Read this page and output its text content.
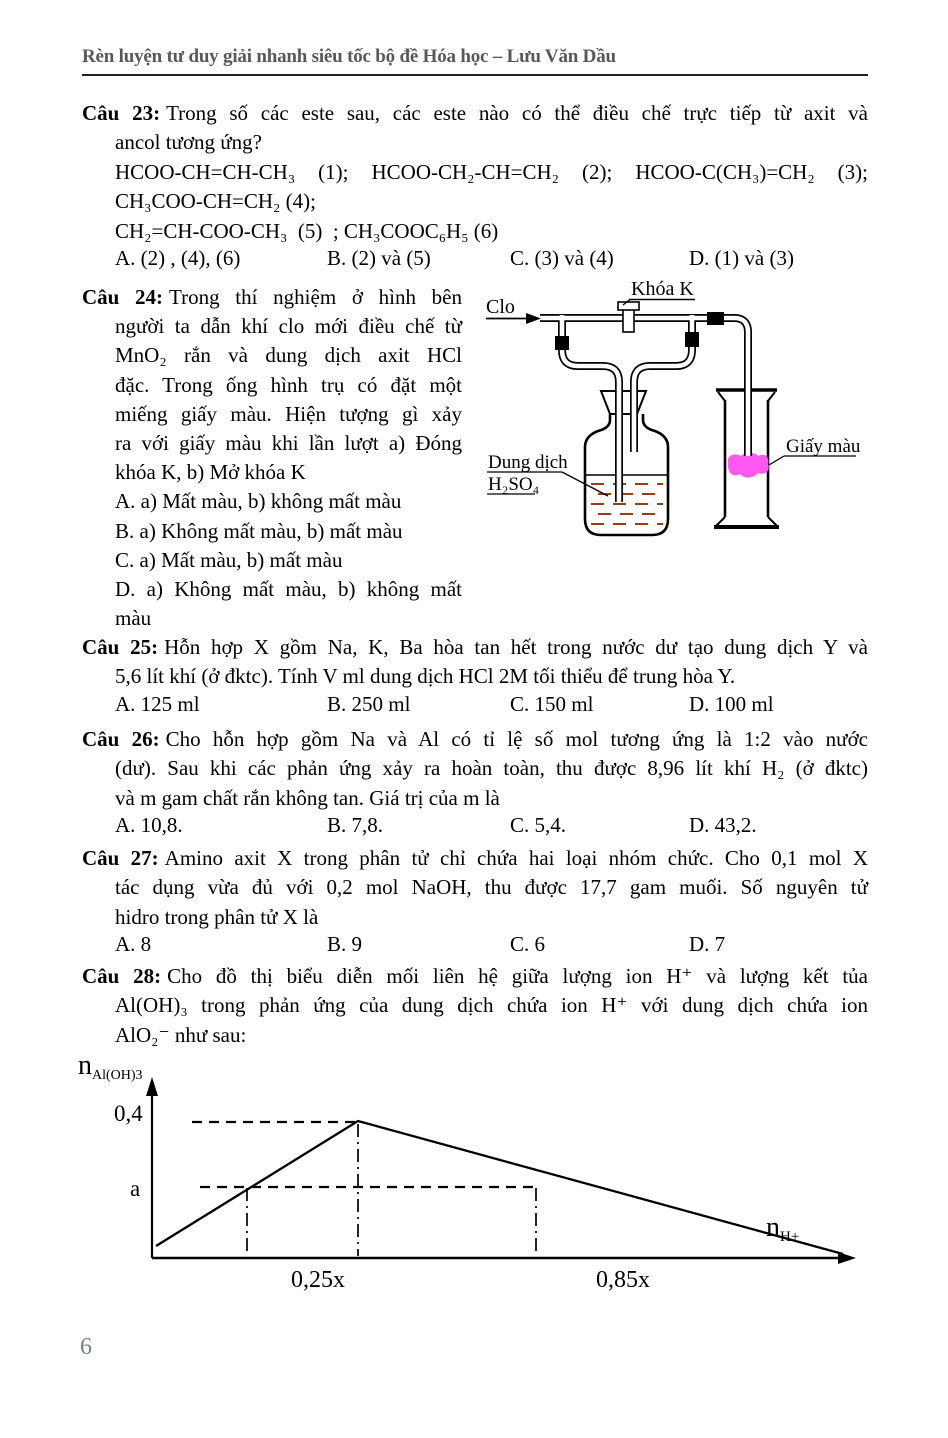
Rèn luyện tư duy giải nhanh siêu tốc bộ đề Hóa học – Lưu Văn Dầu
Câu 23: Trong số các este sau, các este nào có thể điều chế trực tiếp từ axit và
ancol tương ứng?
HCOO-CH=CH-CH₃ (1); HCOO-CH₂-CH=CH₂ (2); HCOO-C(CH₃)=CH₂ (3);
CH₃COO-CH=CH₂ (4);
CH₂=CH-COO-CH₃  (5)  ; CH₃COOC₆H₅ (6)
A. (2) , (4), (6)	B. (2) và (5)	C. (3) và (4)	D. (1) và (3)
Câu 24: Trong thí nghiệm ở hình bên
người ta dẫn khí clo mới điều chế từ
MnO₂ rắn và dung dịch axit HCl
đặc. Trong ống hình trụ có đặt một
miếng giấy màu. Hiện tượng gì xảy
ra với giấy màu khi lần lượt a) Đóng
khóa K, b) Mở khóa K
A. a) Mất màu, b) không mất màu
B. a) Không mất màu, b) mất màu
C. a) Mất màu, b) mất màu
D. a) Không mất màu, b) không mất
màu
Clo
Khóa K
Dung dịch
H₂SO₄
Giấy màu
Câu 25: Hỗn hợp X gồm Na, K, Ba hòa tan hết trong nước dư tạo dung dịch Y và
5,6 lít khí (ở đktc). Tính V ml dung dịch HCl 2M tối thiểu để trung hòa Y.
A. 125 ml	B. 250 ml	C. 150 ml	D. 100 ml
Câu 26: Cho hỗn hợp gồm Na và Al có tỉ lệ số mol tương ứng là 1:2 vào nước
(dư). Sau khi các phản ứng xảy ra hoàn toàn, thu được 8,96 lít khí H₂ (ở đktc)
và m gam chất rắn không tan. Giá trị của m là
A. 10,8.	B. 7,8.	C. 5,4.	D. 43,2.
Câu 27: Amino axit X trong phân tử chỉ chứa hai loại nhóm chức. Cho 0,1 mol X
tác dụng vừa đủ với 0,2 mol NaOH, thu được 17,7 gam muối. Số nguyên tử
hidro trong phân tử X là
A. 8	B. 9	C. 6	D. 7
Câu 28: Cho đồ thị biểu diễn mối liên hệ giữa lượng ion H⁺ và lượng kết tủa
Al(OH)₃ trong phản ứng của dung dịch chứa ion H⁺ với dung dịch chứa ion
AlO₂⁻ như sau:
nAl(OH)3
0,4
a
0,25x	0,85x
nH+
6
